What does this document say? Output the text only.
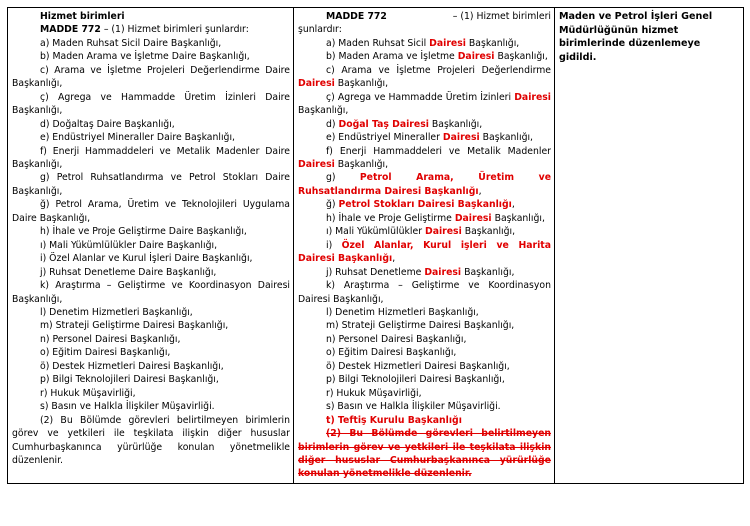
Hizmet birimleri
MADDE 772 – (1) Hizmet birimleri şunlardır:
a) Maden Ruhsat Sicil Daire Başkanlığı,
b) Maden Arama ve İşletme Daire Başkanlığı,
c) Arama ve İşletme Projeleri Değerlendirme Daire Başkanlığı,
ç) Agrega ve Hammadde Üretim İzinleri Daire Başkanlığı,
d) Doğaltaş Daire Başkanlığı,
e) Endüstriyel Mineraller Daire Başkanlığı,
f) Enerji Hammaddeleri ve Metalik Madenler Daire Başkanlığı,
g) Petrol Ruhsatlandırma ve Petrol Stokları Daire Başkanlığı,
ğ) Petrol Arama, Üretim ve Teknolojileri Uygulama Daire Başkanlığı,
h) İhale ve Proje Geliştirme Daire Başkanlığı,
ı) Mali Yükümlülükler Daire Başkanlığı,
i) Özel Alanlar ve Kurul İşleri Daire Başkanlığı,
j) Ruhsat Denetleme Daire Başkanlığı,
k) Araştırma – Geliştirme ve Koordinasyon Dairesi Başkanlığı,
l) Denetim Hizmetleri Başkanlığı,
m) Strateji Geliştirme Dairesi Başkanlığı,
n) Personel Dairesi Başkanlığı,
o) Eğitim Dairesi Başkanlığı,
ö) Destek Hizmetleri Dairesi Başkanlığı,
p) Bilgi Teknolojileri Dairesi Başkanlığı,
r) Hukuk Müşavirliği,
s) Basın ve Halkla İlişkiler Müşavirliği.
(2) Bu Bölümde görevleri belirtilmeyen birimlerin görev ve yetkileri ile teşkilata ilişkin diğer hususlar Cumhurbaşkanınca yürürlüğe konulan yönetmelikle düzenlenir.

MADDE 772	– (1) Hizmet birimleri
şunlardır:
a) Maden Ruhsat Sicil Dairesi Başkanlığı,
b) Maden Arama ve İşletme Dairesi Başkanlığı,
c) Arama ve İşletme Projeleri Değerlendirme Dairesi Başkanlığı,
ç) Agrega ve Hammadde Üretim İzinleri Dairesi Başkanlığı,
d) Doğal Taş Dairesi Başkanlığı,
e) Endüstriyel Mineraller Dairesi Başkanlığı,
f) Enerji Hammaddeleri ve Metalik Madenler Dairesi Başkanlığı,
g) Petrol Arama, Üretim ve Ruhsatlandırma Dairesi Başkanlığı,
ğ) Petrol Stokları Dairesi Başkanlığı,
h) İhale ve Proje Geliştirme Dairesi Başkanlığı,
ı) Mali Yükümlülükler Dairesi Başkanlığı,
i) Özel Alanlar, Kurul işleri ve Harita Dairesi Başkanlığı,
j) Ruhsat Denetleme Dairesi Başkanlığı,
k) Araştırma – Geliştirme ve Koordinasyon Dairesi Başkanlığı,
l) Denetim Hizmetleri Başkanlığı,
m) Strateji Geliştirme Dairesi Başkanlığı,
n) Personel Dairesi Başkanlığı,
o) Eğitim Dairesi Başkanlığı,
ö) Destek Hizmetleri Dairesi Başkanlığı,
p) Bilgi Teknolojileri Dairesi Başkanlığı,
r) Hukuk Müşavirliği,
s) Basın ve Halkla İlişkiler Müşavirliği.
t) Teftiş Kurulu Başkanlığı
(2) Bu Bölümde görevleri belirtilmeyen birimlerin görev ve yetkileri ile teşkilata ilişkin diğer hususlar Cumhurbaşkanınca yürürlüğe konulan yönetmelikle düzenlenir.

Maden ve Petrol İşleri Genel Müdürlüğünün hizmet birimlerinde düzenlemeye gidildi.
